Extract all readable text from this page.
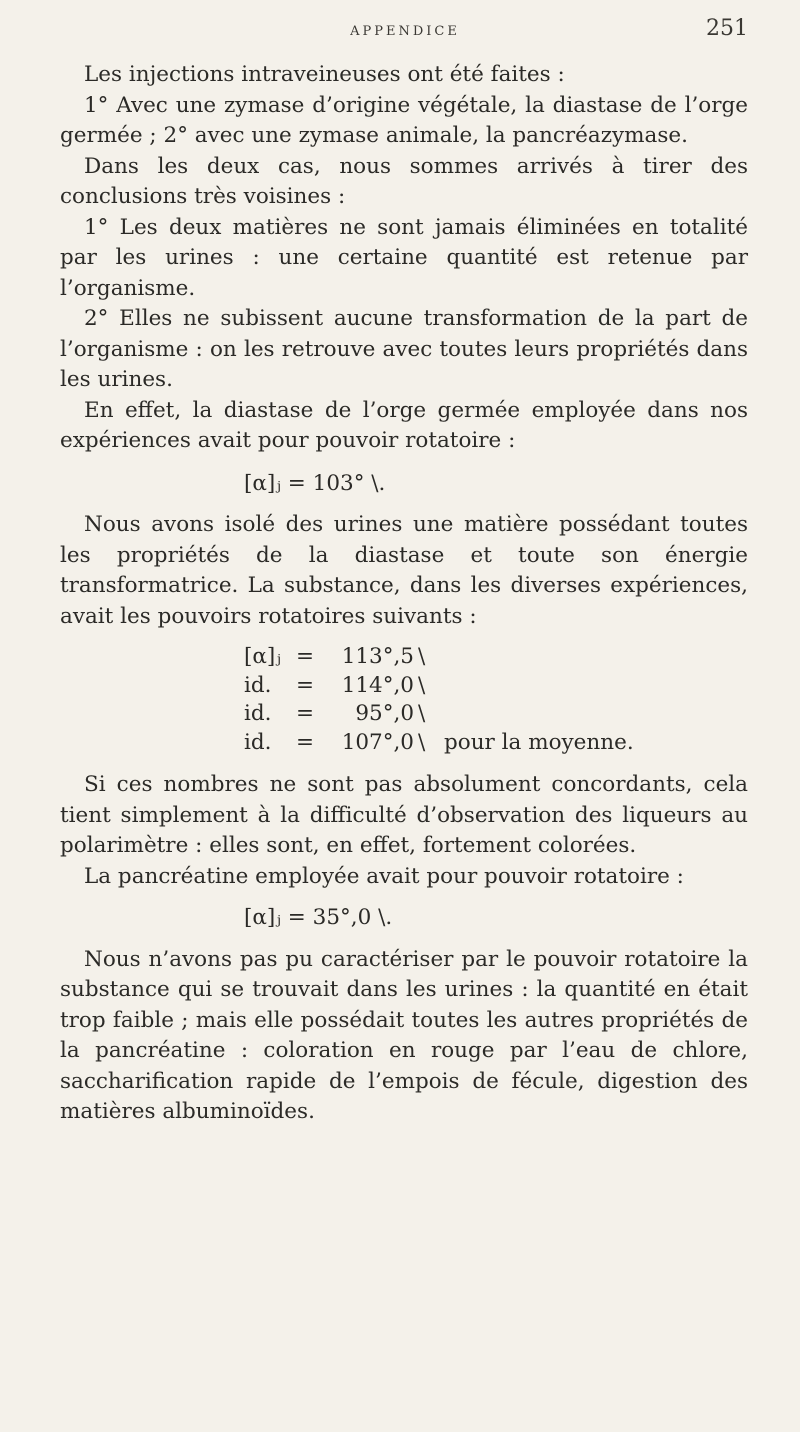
APPENDICE	251

Les injections intraveineuses ont été faites :

1° Avec une zymase d’origine végétale, la diastase de l’orge germée ; 2° avec une zymase animale, la pancréazymase.

Dans les deux cas, nous sommes arrivés à tirer des conclusions très voisines :

1° Les deux matières ne sont jamais éliminées en totalité par les urines : une certaine quantité est retenue par l’organisme.

2° Elles ne subissent aucune transformation de la part de l’organisme : on les retrouve avec toutes leurs propriétés dans les urines.

En effet, la diastase de l’orge germée employée dans nos expériences avait pour pouvoir rotatoire :

[α]ⱼ = 103° \.

Nous avons isolé des urines une matière possédant toutes les propriétés de la diastase et toute son énergie transformatrice. La substance, dans les diverses expériences, avait les pouvoirs rotatoires suivants :

[α]ⱼ	=	113°,5	\	
id.	=	114°,0	\	
id.	=	95°,0	\	
id.	=	107°,0	\	pour la moyenne.

Si ces nombres ne sont pas absolument concordants, cela tient simplement à la difficulté d’observation des liqueurs au polarimètre : elles sont, en effet, fortement colorées.

La pancréatine employée avait pour pouvoir rotatoire :

[α]ⱼ = 35°,0 \.

Nous n’avons pas pu caractériser par le pouvoir rotatoire la substance qui se trouvait dans les urines : la quantité en était trop faible ; mais elle possédait toutes les autres propriétés de la pancréatine : coloration en rouge par l’eau de chlore, saccharification rapide de l’empois de fécule, digestion des matières albuminoïdes.
